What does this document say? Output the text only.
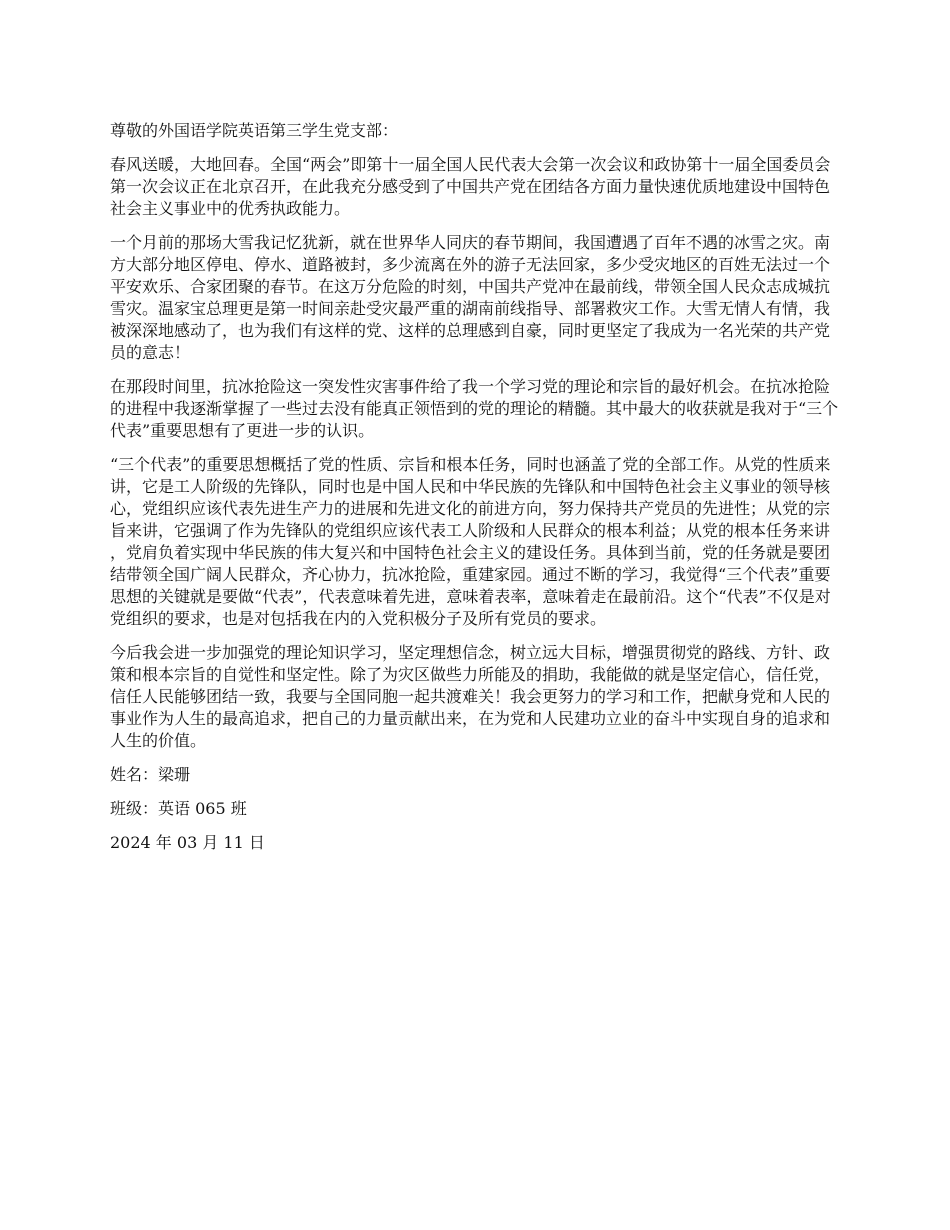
尊敬的外国语学院英语第三学生党支部：

春风送暖，大地回春。全国“两会”即第十一届全国人民代表大会第一次会议和政协第十一届全国委员会第一次会议正在北京召开，在此我充分感受到了中国共产党在团结各方面力量快速优质地建设中国特色社会主义事业中的优秀执政能力。

一个月前的那场大雪我记忆犹新，就在世界华人同庆的春节期间，我国遭遇了百年不遇的冰雪之灾。南方大部分地区停电、停水、道路被封，多少流离在外的游子无法回家，多少受灾地区的百姓无法过一个平安欢乐、合家团聚的春节。在这万分危险的时刻，中国共产党冲在最前线，带领全国人民众志成城抗雪灾。温家宝总理更是第一时间亲赴受灾最严重的湖南前线指导、部署救灾工作。大雪无情人有情，我被深深地感动了，也为我们有这样的党、这样的总理感到自豪，同时更坚定了我成为一名光荣的共产党员的意志！

在那段时间里，抗冰抢险这一突发性灾害事件给了我一个学习党的理论和宗旨的最好机会。在抗冰抢险的进程中我逐渐掌握了一些过去没有能真正领悟到的党的理论的精髓。其中最大的收获就是我对于“三个代表”重要思想有了更进一步的认识。

“三个代表”的重要思想概括了党的性质、宗旨和根本任务，同时也涵盖了党的全部工作。从党的性质来讲，它是工人阶级的先锋队，同时也是中国人民和中华民族的先锋队和中国特色社会主义事业的领导核心，党组织应该代表先进生产力的进展和先进文化的前进方向，努力保持共产党员的先进性；从党的宗旨来讲，它强调了作为先锋队的党组织应该代表工人阶级和人民群众的根本利益；从党的根本任务来讲，党肩负着实现中华民族的伟大复兴和中国特色社会主义的建设任务。具体到当前，党的任务就是要团结带领全国广阔人民群众，齐心协力，抗冰抢险，重建家园。通过不断的学习，我觉得“三个代表”重要思想的关键就是要做“代表”，代表意味着先进，意味着表率，意味着走在最前沿。这个“代表”不仅是对党组织的要求，也是对包括我在内的入党积极分子及所有党员的要求。

今后我会进一步加强党的理论知识学习，坚定理想信念，树立远大目标，增强贯彻党的路线、方针、政策和根本宗旨的自觉性和坚定性。除了为灾区做些力所能及的捐助，我能做的就是坚定信心，信任党，信任人民能够团结一致，我要与全国同胞一起共渡难关！我会更努力的学习和工作，把献身党和人民的事业作为人生的最高追求，把自己的力量贡献出来，在为党和人民建功立业的奋斗中实现自身的追求和人生的价值。

姓名：梁珊

班级：英语 065 班

2024 年 03 月 11 日
